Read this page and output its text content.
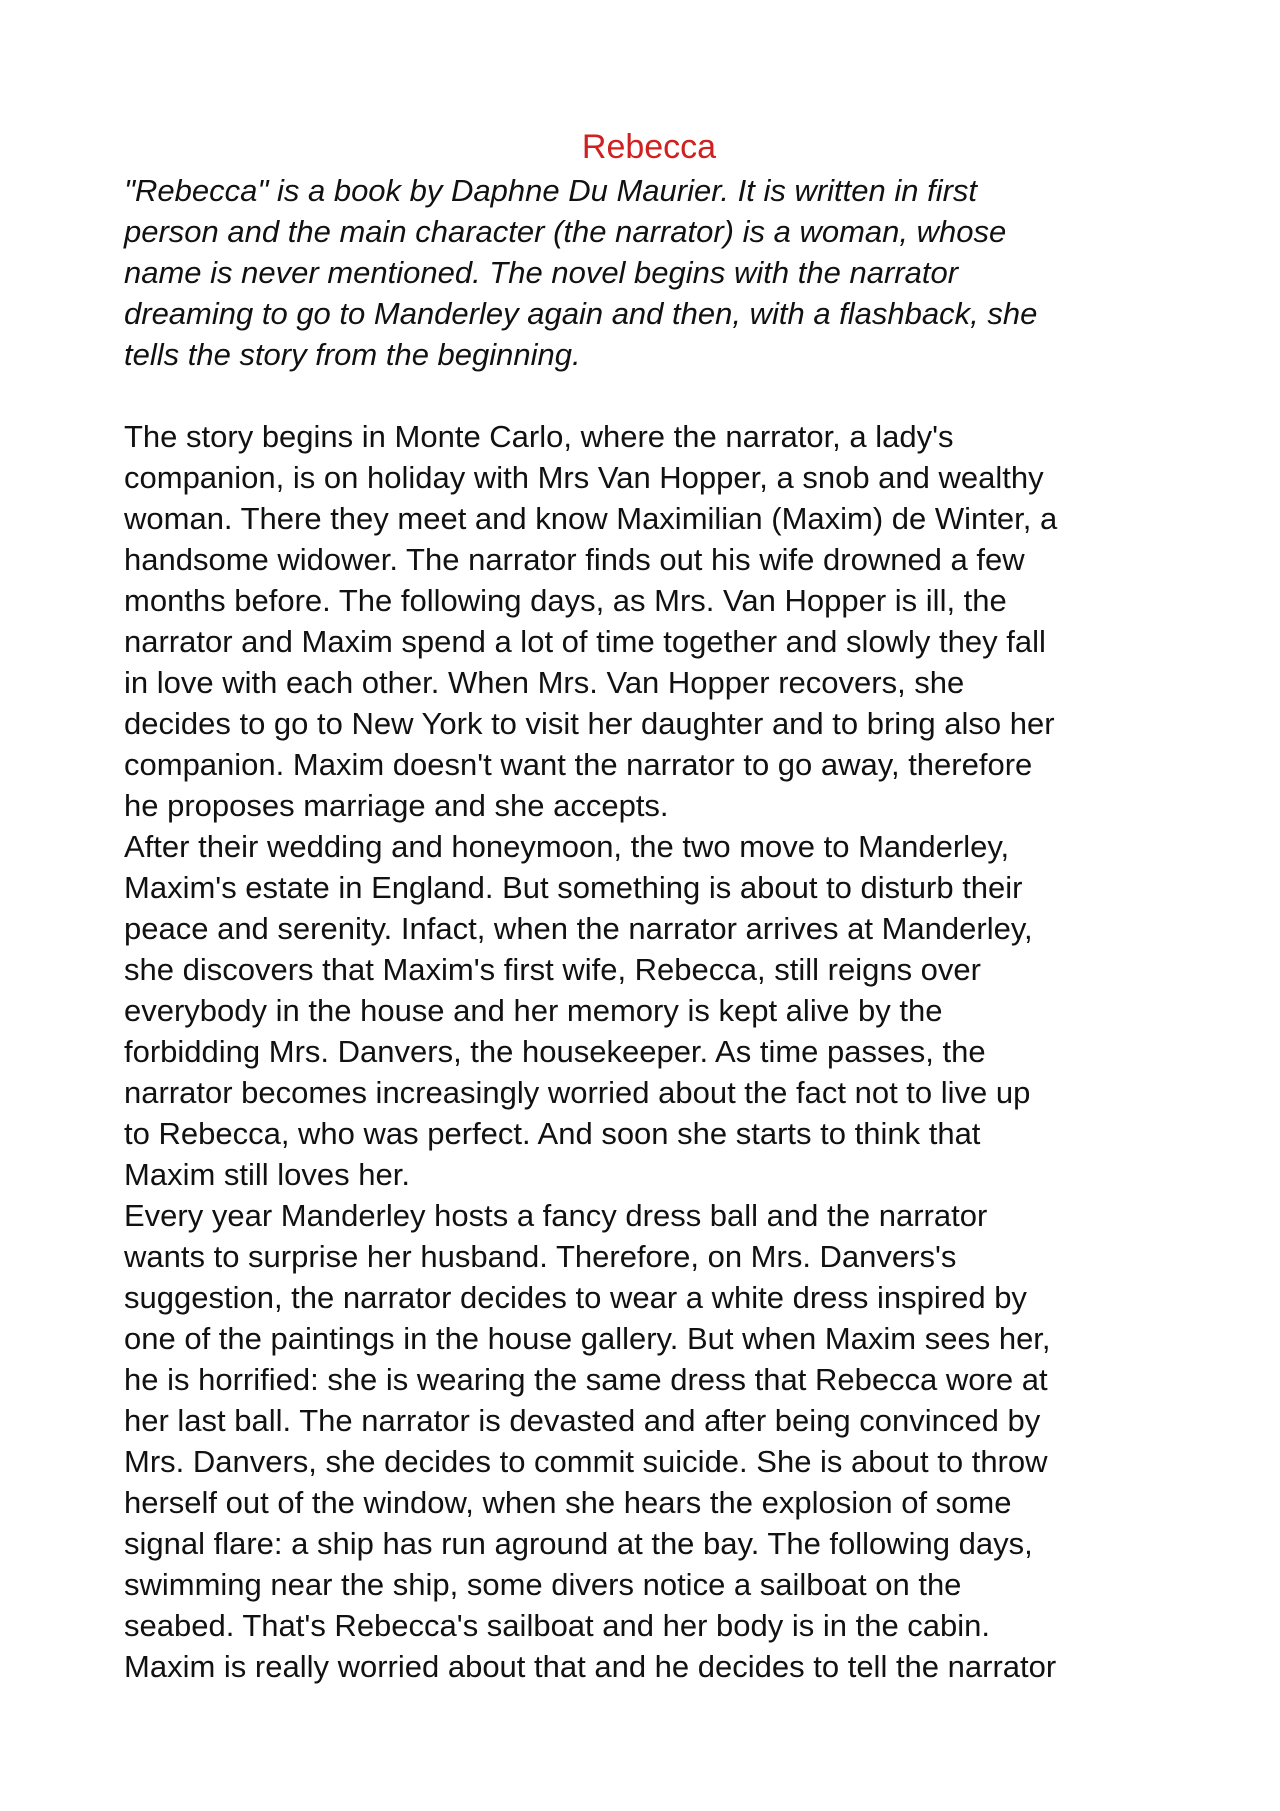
Rebecca

"Rebecca" is a book by Daphne Du Maurier. It is written in first
person and the main character (the narrator) is a woman, whose
name is never mentioned. The novel begins with the narrator
dreaming to go to Manderley again and then, with a flashback, she
tells the story from the beginning.

The story begins in Monte Carlo, where the narrator, a lady's
companion, is on holiday with Mrs Van Hopper, a snob and wealthy
woman. There they meet and know Maximilian (Maxim) de Winter, a
handsome widower. The narrator finds out his wife drowned a few
months before. The following days, as Mrs. Van Hopper is ill, the
narrator and Maxim spend a lot of time together and slowly they fall
in love with each other. When Mrs. Van Hopper recovers, she
decides to go to New York to visit her daughter and to bring also her
companion. Maxim doesn't want the narrator to go away, therefore
he proposes marriage and she accepts.
After their wedding and honeymoon, the two move to Manderley,
Maxim's estate in England. But something is about to disturb their
peace and serenity. Infact, when the narrator arrives at Manderley,
she discovers that Maxim's first wife, Rebecca, still reigns over
everybody in the house and her memory is kept alive by the
forbidding Mrs. Danvers, the housekeeper. As time passes, the
narrator becomes increasingly worried about the fact not to live up
to Rebecca, who was perfect. And soon she starts to think that
Maxim still loves her.
Every year Manderley hosts a fancy dress ball and the narrator
wants to surprise her husband. Therefore, on Mrs. Danvers's
suggestion, the narrator decides to wear a white dress inspired by
one of the paintings in the house gallery. But when Maxim sees her,
he is horrified: she is wearing the same dress that Rebecca wore at
her last ball. The narrator is devasted and after being convinced by
Mrs. Danvers, she decides to commit suicide. She is about to throw
herself out of the window, when she hears the explosion of some
signal flare: a ship has run aground at the bay. The following days,
swimming near the ship, some divers notice a sailboat on the
seabed. That's Rebecca's sailboat and her body is in the cabin.
Maxim is really worried about that and he decides to tell the narrator
